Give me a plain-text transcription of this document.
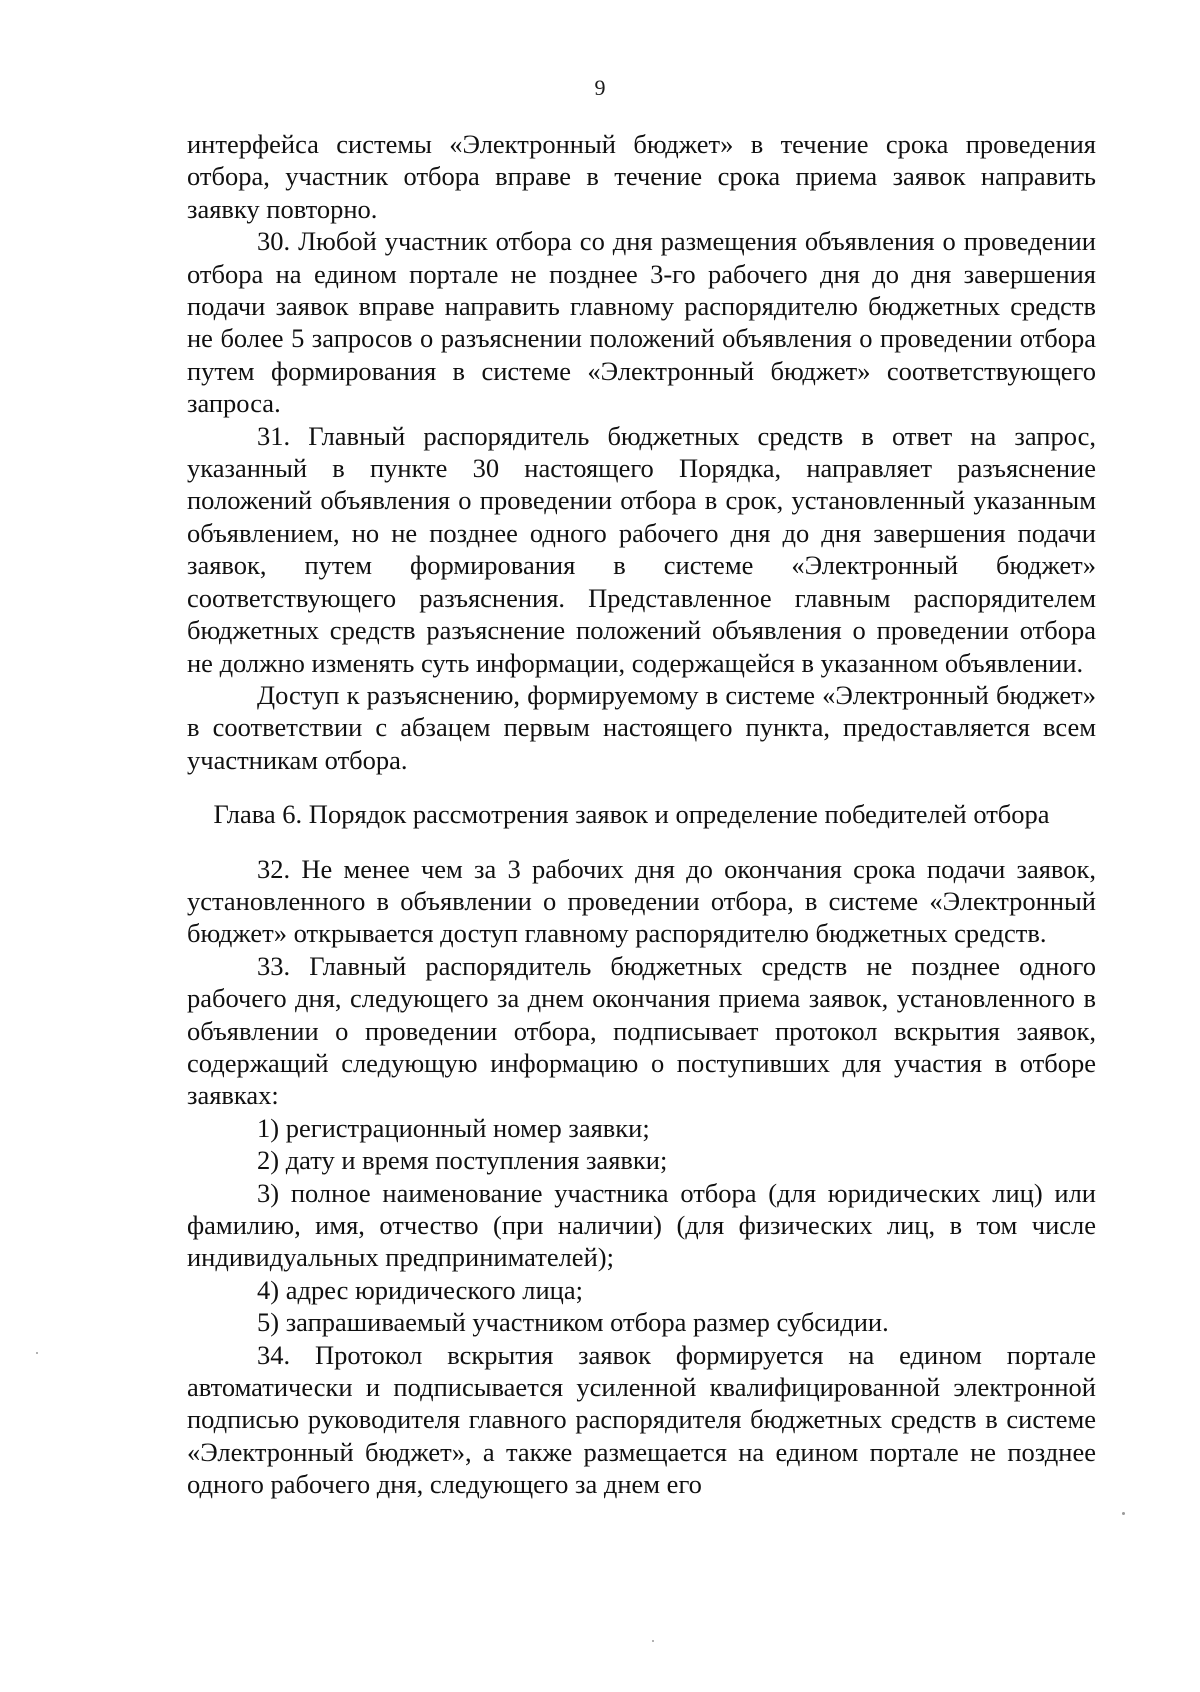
9

интерфейса системы «Электронный бюджет» в течение срока проведения отбора, участник отбора вправе в течение срока приема заявок направить заявку повторно.

30. Любой участник отбора со дня размещения объявления о проведении отбора на едином портале не позднее 3-го рабочего дня до дня завершения подачи заявок вправе направить главному распорядителю бюджетных средств не более 5 запросов о разъяснении положений объявления о проведении отбора путем формирования в системе «Электронный бюджет» соответствующего запроса.

31. Главный распорядитель бюджетных средств в ответ на запрос, указанный в пункте 30 настоящего Порядка, направляет разъяснение положений объявления о проведении отбора в срок, установленный указанным объявлением, но не позднее одного рабочего дня до дня завершения подачи заявок, путем формирования в системе «Электронный бюджет» соответствующего разъяснения. Представленное главным распорядителем бюджетных средств разъяснение положений объявления о проведении отбора не должно изменять суть информации, содержащейся в указанном объявлении.

Доступ к разъяснению, формируемому в системе «Электронный бюджет» в соответствии с абзацем первым настоящего пункта, предоставляется всем участникам отбора.

Глава 6. Порядок рассмотрения заявок и определение победителей отбора

32. Не менее чем за 3 рабочих дня до окончания срока подачи заявок, установленного в объявлении о проведении отбора, в системе «Электронный бюджет» открывается доступ главному распорядителю бюджетных средств.

33. Главный распорядитель бюджетных средств не позднее одного рабочего дня, следующего за днем окончания приема заявок, установленного в объявлении о проведении отбора, подписывает протокол вскрытия заявок, содержащий следующую информацию о поступивших для участия в отборе заявках:

1) регистрационный номер заявки;

2) дату и время поступления заявки;

3) полное наименование участника отбора (для юридических лиц) или фамилию, имя, отчество (при наличии) (для физических лиц, в том числе индивидуальных предпринимателей);

4) адрес юридического лица;

5) запрашиваемый участником отбора размер субсидии.

34. Протокол вскрытия заявок формируется на едином портале автоматически и подписывается усиленной квалифицированной электронной подписью руководителя главного распорядителя бюджетных средств в системе «Электронный бюджет», а также размещается на едином портале не позднее одного рабочего дня, следующего за днем его
